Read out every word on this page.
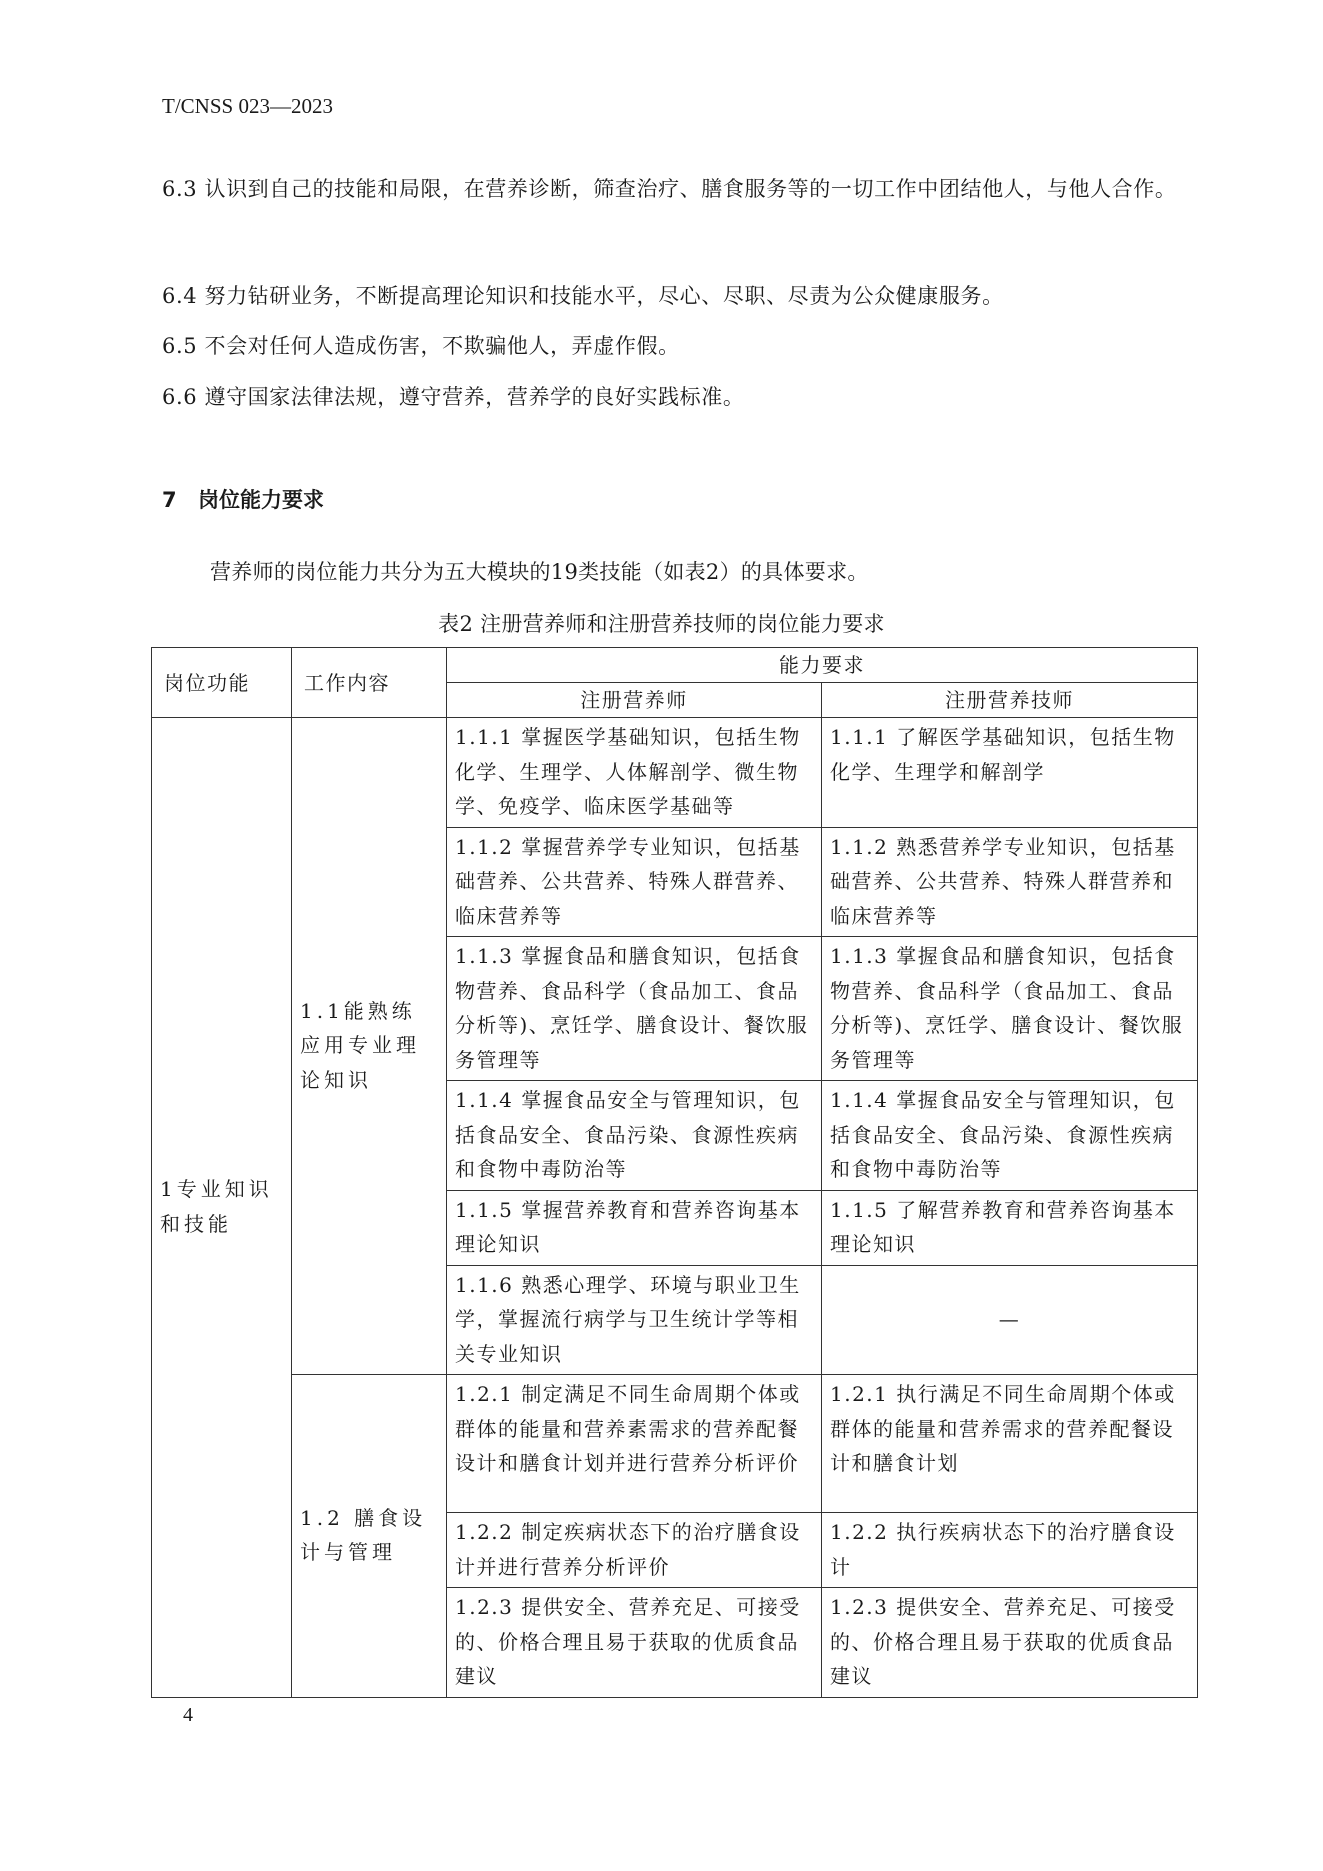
T/CNSS 023—2023
6.3 认识到自己的技能和局限，在营养诊断，筛查治疗、膳食服务等的一切工作中团结他人，与他人合作。
6.4 努力钻研业务，不断提高理论知识和技能水平，尽心、尽职、尽责为公众健康服务。
6.5 不会对任何人造成伤害，不欺骗他人，弄虚作假。
6.6 遵守国家法律法规，遵守营养，营养学的良好实践标准。
7 岗位能力要求
营养师的岗位能力共分为五大模块的19类技能（如表2）的具体要求。
表2 注册营养师和注册营养技师的岗位能力要求
岗位功能	工作内容	能力要求	
		注册营养师	注册营养技师
1专业知识和技能	1.1能熟练应用专业理论知识	1.1.1 掌握医学基础知识，包括生物化学、生理学、人体解剖学、微生物学、免疫学、临床医学基础等	1.1.1 了解医学基础知识，包括生物化学、生理学和解剖学
		1.1.2 掌握营养学专业知识，包括基础营养、公共营养、特殊人群营养、临床营养等	1.1.2 熟悉营养学专业知识，包括基础营养、公共营养、特殊人群营养和临床营养等
		1.1.3 掌握食品和膳食知识，包括食物营养、食品科学（食品加工、食品分析等)、烹饪学、膳食设计、餐饮服务管理等	1.1.3 掌握食品和膳食知识，包括食物营养、食品科学（食品加工、食品分析等)、烹饪学、膳食设计、餐饮服务管理等
		1.1.4 掌握食品安全与管理知识，包括食品安全、食品污染、食源性疾病和食物中毒防治等	1.1.4 掌握食品安全与管理知识，包括食品安全、食品污染、食源性疾病和食物中毒防治等
		1.1.5 掌握营养教育和营养咨询基本理论知识	1.1.5 了解营养教育和营养咨询基本理论知识
		1.1.6 熟悉心理学、环境与职业卫生学，掌握流行病学与卫生统计学等相关专业知识	—
	1.2 膳食设计与管理	1.2.1 制定满足不同生命周期个体或群体的能量和营养素需求的营养配餐设计和膳食计划并进行营养分析评价	1.2.1 执行满足不同生命周期个体或群体的能量和营养需求的营养配餐设计和膳食计划
		1.2.2 制定疾病状态下的治疗膳食设计并进行营养分析评价	1.2.2 执行疾病状态下的治疗膳食设计
		1.2.3 提供安全、营养充足、可接受的、价格合理且易于获取的优质食品建议	1.2.3 提供安全、营养充足、可接受的、价格合理且易于获取的优质食品建议
4
